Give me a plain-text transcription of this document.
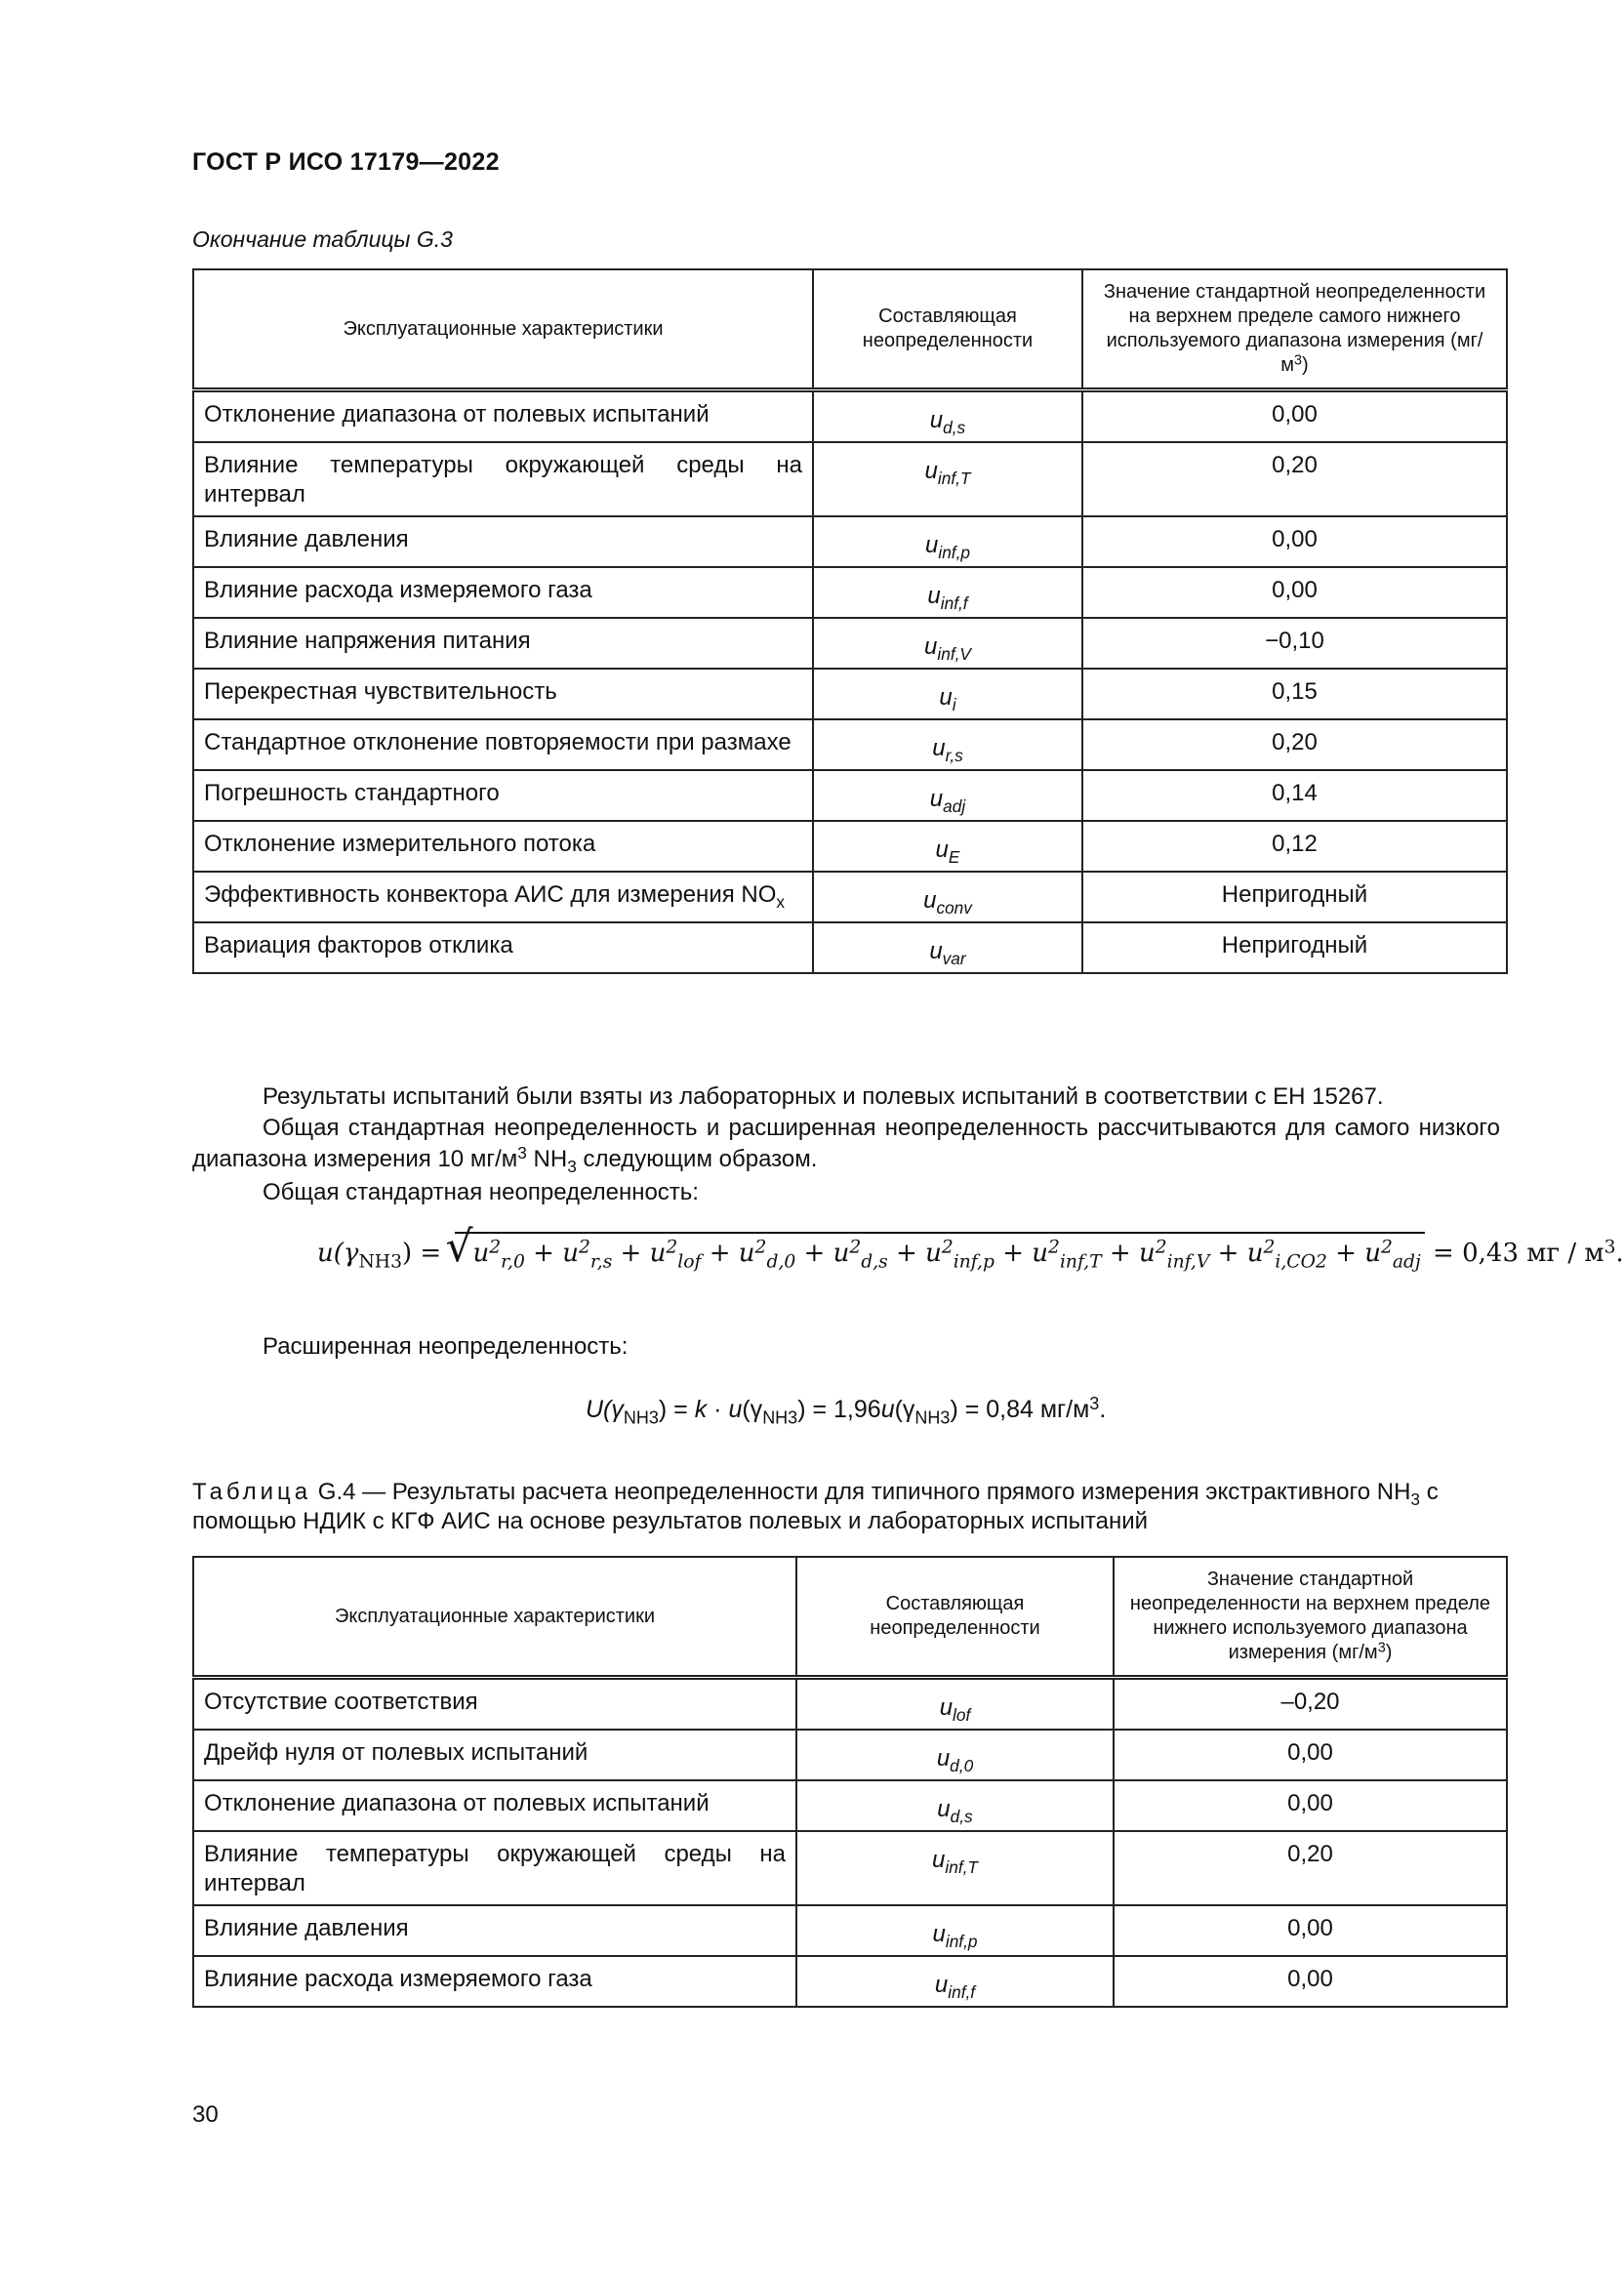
ГОСТ Р ИСО 17179—2022
Окончание таблицы G.3
Эксплуатационные характеристики	Составляющая неопределенности	Значение стандартной неопределенности на верхнем пределе самого нижнего используемого диапазона измерения $(мг/м^3)$
Отклонение диапазона от полевых испытаний	$u_{d,s}$	0,00
Влияние температуры окружающей среды на интервал	$u_{inf,T}$	0,20
Влияние давления	$u_{inf,p}$	0,00
Влияние расхода измеряемого газа	$u_{inf,f}$	0,00
Влияние напряжения питания	$u_{inf,V}$	−0,10
Перекрестная чувствительность	$u_i$	0,15
Стандартное отклонение повторяемости при размахе	$u_{r,s}$	0,20
Погрешность стандартного	$u_{adj}$	0,14
Отклонение измерительного потока	$u_E$	0,12
Эффективность конвектора АИС для измерения $NO_x$	$u_{conv}$	Непригодный
Вариация факторов отклика	$u_{var}$	Непригодный
Результаты испытаний были взяты из лабораторных и полевых испытаний в соответствии с ЕН 15267.
Общая стандартная неопределенность и расширенная неопределенность рассчитываются для самого низкого диапазона измерения 10 $мг/м^3$ $NH_3$ следующим образом.
Общая стандартная неопределенность:
$u(\gamma_{NH3})$ = √ $u^2_{r,0} + u^2_{r,s} + u^2_{lof} + u^2_{d,0} + u^2_{d,s} + u^2_{inf,p} + u^2_{inf,T} + u^2_{inf,V} + u^2_{i,CO2} + u^2_{adj} = 0,43$ мг / $м^3$.
Расширенная неопределенность:
$U(\gamma_{NH3}) = k \cdot u(\gamma_{NH3}) = 1,96u(\gamma_{NH3}) = 0,84$ $мг/м^3$.
Таблица G.4 — Результаты расчета неопределенности для типичного прямого измерения экстрактивного $NH_3$ с помощью НДИК с КГФ АИС на основе результатов полевых и лабораторных испытаний
Эксплуатационные характеристики	Составляющая неопределенности	Значение стандартной неопределенности на верхнем пределе нижнего используемого диапазона измерения $(мг/м^3)$
Отсутствие соответствия	$u_{lof}$	–0,20
Дрейф нуля от полевых испытаний	$u_{d,0}$	0,00
Отклонение диапазона от полевых испытаний	$u_{d,s}$	0,00
Влияние температуры окружающей среды на интервал	$u_{inf,T}$	0,20
Влияние давления	$u_{inf,p}$	0,00
Влияние расхода измеряемого газа	$u_{inf,f}$	0,00
30
